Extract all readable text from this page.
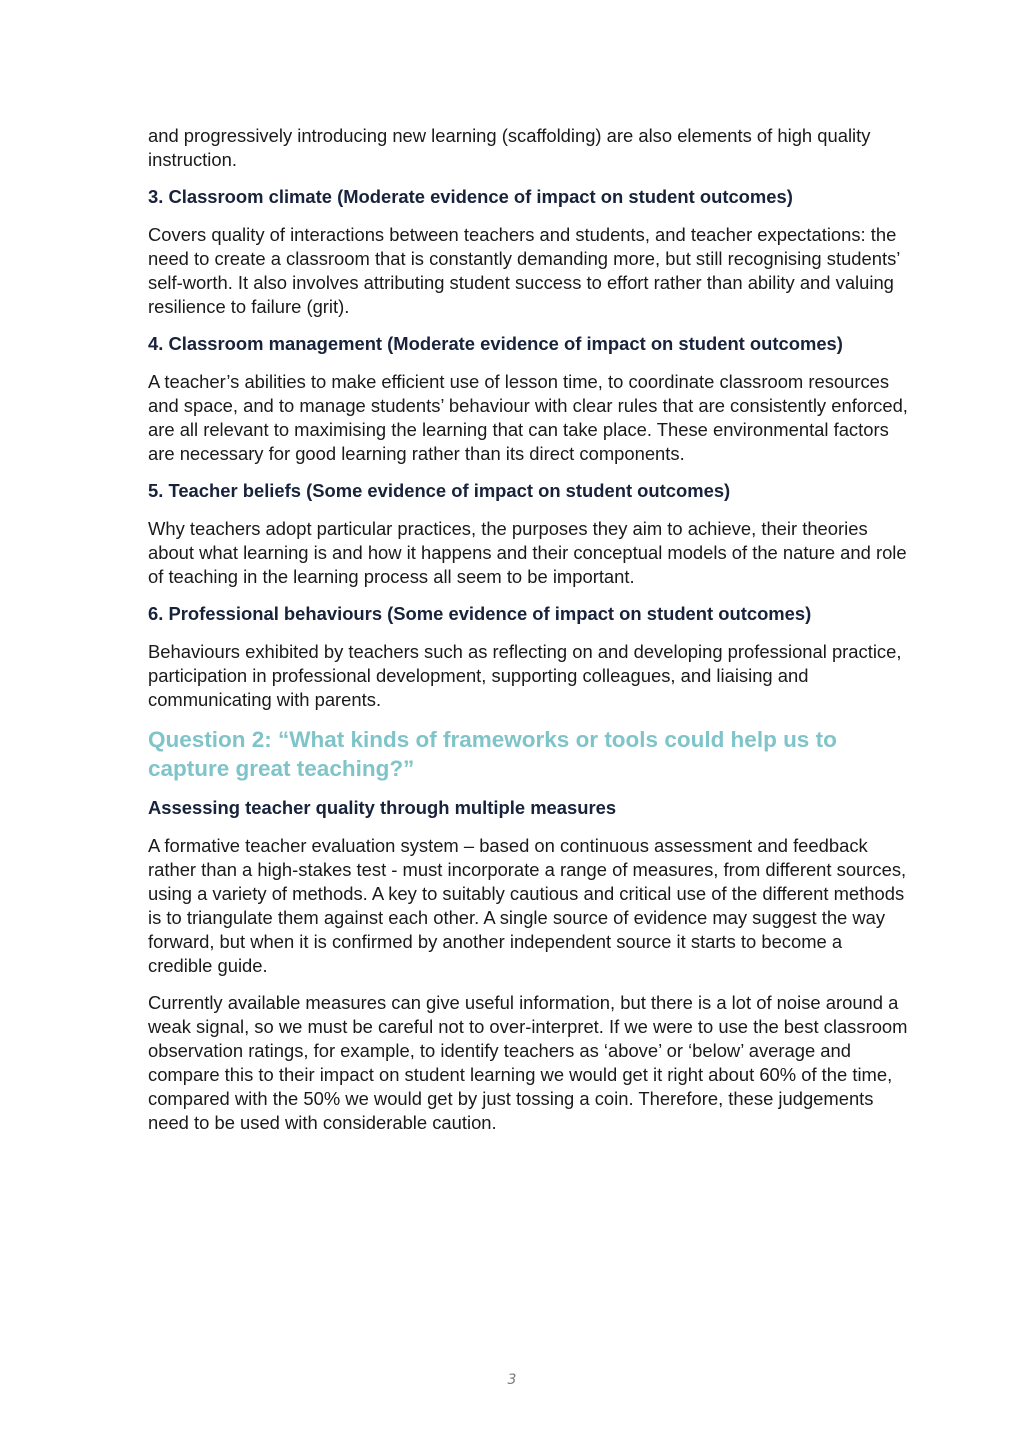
and progressively introducing new learning (scaffolding) are also elements of high quality instruction.

3. Classroom climate (Moderate evidence of impact on student outcomes)

Covers quality of interactions between teachers and students, and teacher expectations: the need to create a classroom that is constantly demanding more, but still recognising students’ self-worth. It also involves attributing student success to effort rather than ability and valuing resilience to failure (grit).

4. Classroom management (Moderate evidence of impact on student outcomes)

A teacher’s abilities to make efficient use of lesson time, to coordinate classroom resources and space, and to manage students’ behaviour with clear rules that are consistently enforced, are all relevant to maximising the learning that can take place. These environmental factors are necessary for good learning rather than its direct components.

5. Teacher beliefs (Some evidence of impact on student outcomes)

Why teachers adopt particular practices, the purposes they aim to achieve, their theories about what learning is and how it happens and their conceptual models of the nature and role of teaching in the learning process all seem to be important.

6. Professional behaviours (Some evidence of impact on student outcomes)

Behaviours exhibited by teachers such as reflecting on and developing professional practice, participation in professional development, supporting colleagues, and liaising and communicating with parents.

Question 2: “What kinds of frameworks or tools could help us to capture great teaching?”

Assessing teacher quality through multiple measures

A formative teacher evaluation system – based on continuous assessment and feedback rather than a high-stakes test - must incorporate a range of measures, from different sources, using a variety of methods. A key to suitably cautious and critical use of the different methods is to triangulate them against each other. A single source of evidence may suggest the way forward, but when it is confirmed by another independent source it starts to become a credible guide.

Currently available measures can give useful information, but there is a lot of noise around a weak signal, so we must be careful not to over-interpret. If we were to use the best classroom observation ratings, for example, to identify teachers as ‘above’ or ‘below’ average and compare this to their impact on student learning we would get it right about 60% of the time, compared with the 50% we would get by just tossing a coin. Therefore, these judgements need to be used with considerable caution.

3
